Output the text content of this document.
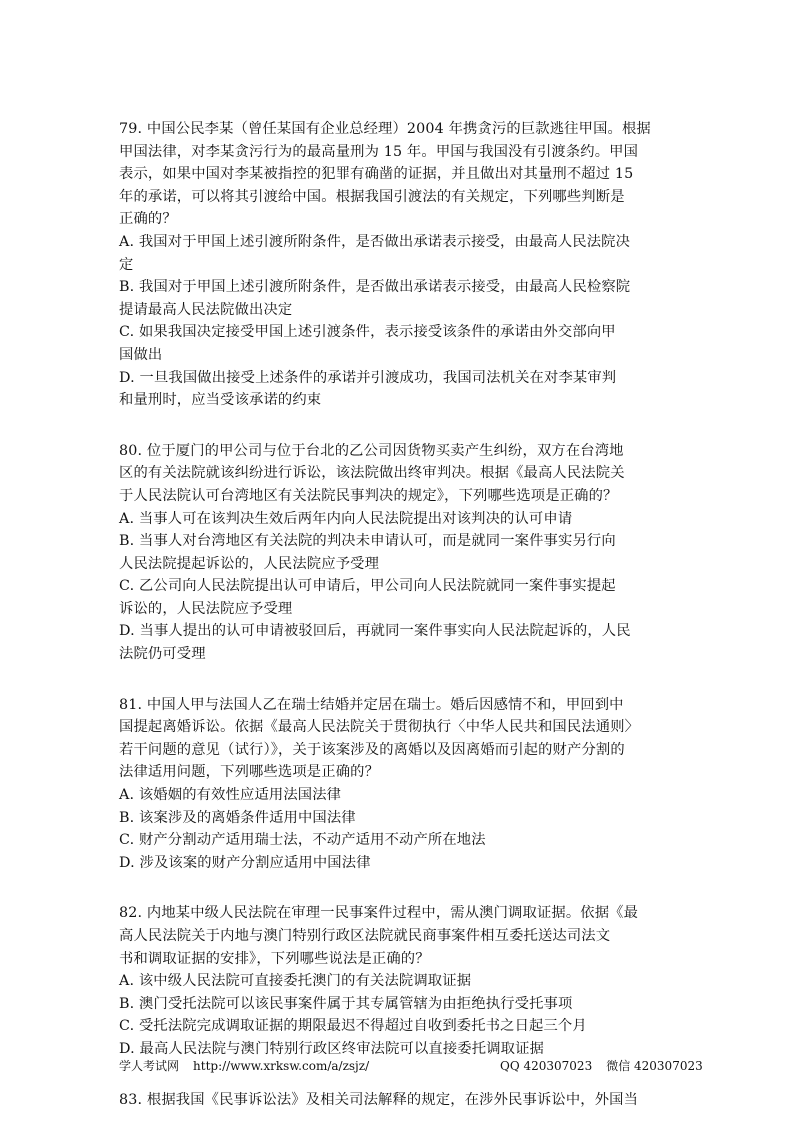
79. 中国公民李某（曾任某国有企业总经理）2004 年携贪污的巨款逃往甲国。根据
甲国法律，对李某贪污行为的最高量刑为 15 年。甲国与我国没有引渡条约。甲国
表示，如果中国对李某被指控的犯罪有确凿的证据，并且做出对其量刑不超过 15
年的承诺，可以将其引渡给中国。根据我国引渡法的有关规定，下列哪些判断是
正确的？
A. 我国对于甲国上述引渡所附条件，是否做出承诺表示接受，由最高人民法院决
定
B. 我国对于甲国上述引渡所附条件，是否做出承诺表示接受，由最高人民检察院
提请最高人民法院做出决定
C. 如果我国决定接受甲国上述引渡条件，表示接受该条件的承诺由外交部向甲
国做出
D. 一旦我国做出接受上述条件的承诺并引渡成功，我国司法机关在对李某审判
和量刑时，应当受该承诺的约束
80. 位于厦门的甲公司与位于台北的乙公司因货物买卖产生纠纷，双方在台湾地
区的有关法院就该纠纷进行诉讼，该法院做出终审判决。根据《最高人民法院关
于人民法院认可台湾地区有关法院民事判决的规定》，下列哪些选项是正确的？
A. 当事人可在该判决生效后两年内向人民法院提出对该判决的认可申请
B. 当事人对台湾地区有关法院的判决未申请认可，而是就同一案件事实另行向
人民法院提起诉讼的，人民法院应予受理
C. 乙公司向人民法院提出认可申请后，甲公司向人民法院就同一案件事实提起
诉讼的，人民法院应予受理
D. 当事人提出的认可申请被驳回后，再就同一案件事实向人民法院起诉的，人民
法院仍可受理
81. 中国人甲与法国人乙在瑞士结婚并定居在瑞士。婚后因感情不和，甲回到中
国提起离婚诉讼。依据《最高人民法院关于贯彻执行〈中华人民共和国民法通则〉
若干问题的意见（试行）》，关于该案涉及的离婚以及因离婚而引起的财产分割的
法律适用问题，下列哪些选项是正确的？
A. 该婚姻的有效性应适用法国法律
B. 该案涉及的离婚条件适用中国法律
C. 财产分割动产适用瑞士法，不动产适用不动产所在地法
D. 涉及该案的财产分割应适用中国法律
82. 内地某中级人民法院在审理一民事案件过程中，需从澳门调取证据。依据《最
高人民法院关于内地与澳门特别行政区法院就民商事案件相互委托送达司法文
书和调取证据的安排》，下列哪些说法是正确的？
A. 该中级人民法院可直接委托澳门的有关法院调取证据
B. 澳门受托法院可以该民事案件属于其专属管辖为由拒绝执行受托事项
C. 受托法院完成调取证据的期限最迟不得超过自收到委托书之日起三个月
D. 最高人民法院与澳门特别行政区终审法院可以直接委托调取证据
83. 根据我国《民事诉讼法》及相关司法解释的规定，在涉外民事诉讼中，外国当
学人考试网 http://www.xrksw.com/a/zsjz/	QQ 420307023 微信 420307023
